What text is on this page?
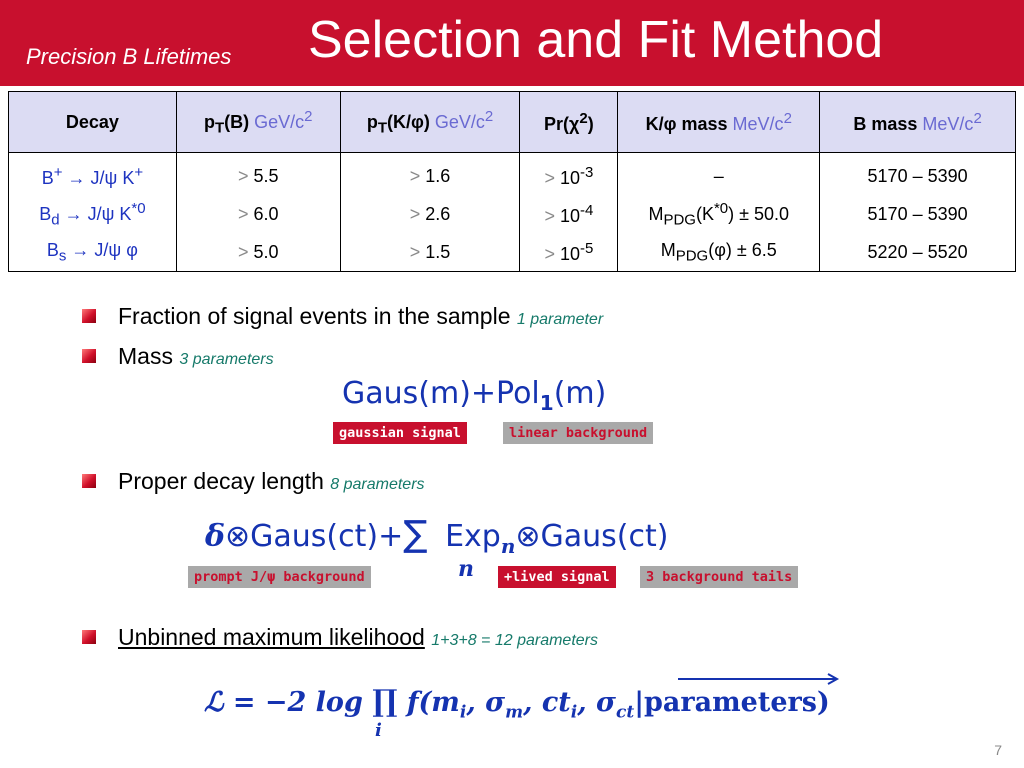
Precision B Lifetimes Selection and Fit Method
Decay	$p_T(B)$ GeV/$c^2$	$p_T(K/\varphi)$ GeV/$c^2$	$Pr(\chi^2)$	K/φ mass MeV/$c^2$	B mass MeV/$c^2$
B+ → J/ψ K+	> 5.5	> 1.6	> $10^{-3}$	–	5170 – 5390
$B_d \to J/\psi$ $K^{*0}$	> 6.0	> 2.6	> $10^{-4}$	$M_{PDG}(K^{*0}) \pm 50.0$	5170 – 5390
$B_s \to J/\psi$ φ	> 5.0	> 1.5	> $10^{-5}$	$M_{PDG}(\varphi) \pm 6.5$	5220 – 5520
Fraction of signal events in the sample 1 parameter
Mass 3 parameters
Gaus(m)+Pol$_1$(m)
gaussian signal	linear background
Proper decay length 8 parameters
δ⊗Gaus(ct)+∑ Exp$_n$⊗Gaus(ct)
n
prompt J/ψ background	+lived signal	3 background tails
Unbinned maximum likelihood 1+3+8 = 12 parameters
ℒ = −2 log ∏ $f(m_i$, $\sigma_m$, $ct_i$, $\sigma_{ct}|parameters$)
i
7
